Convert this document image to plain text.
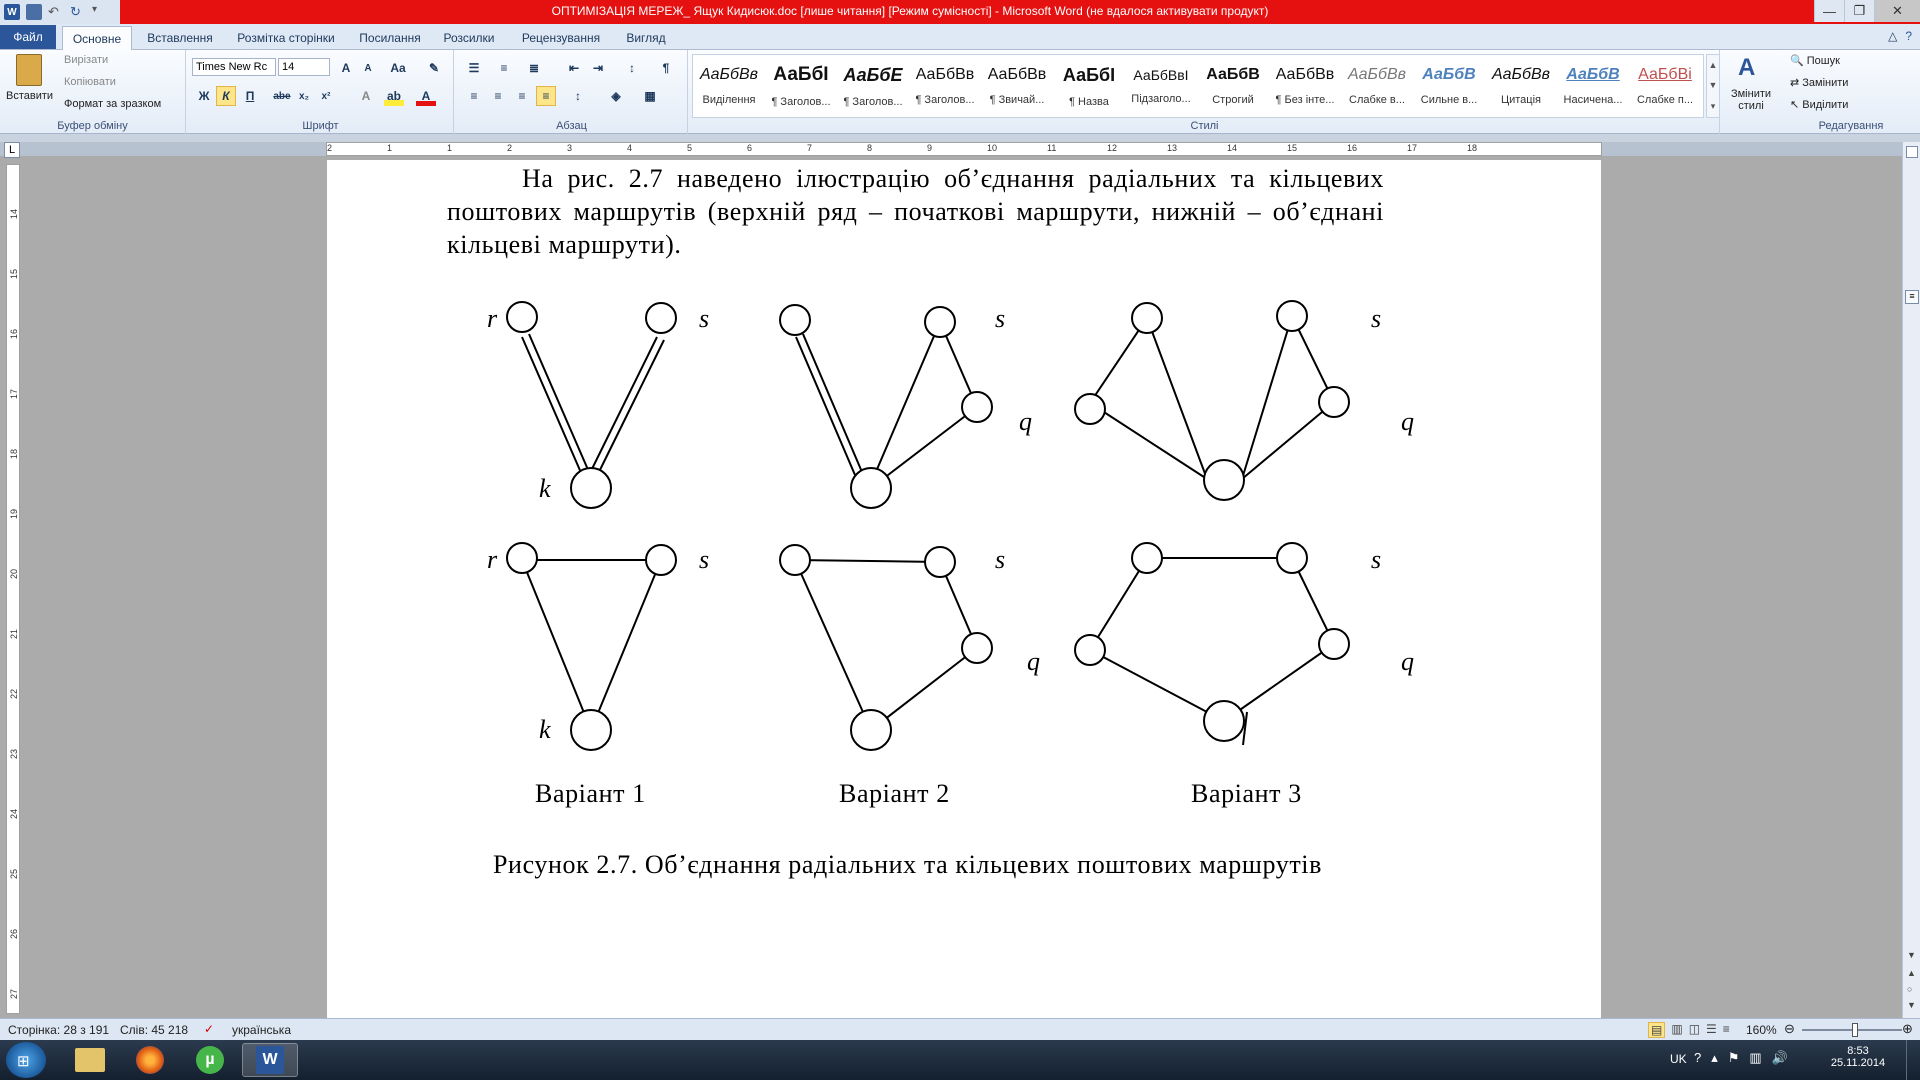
W ↶ ↻	▾	ОПТИМІЗАЦІЯ МЕРЕЖ_ Ящук Кидисюк.doc [лише читання] [Режим сумісності] - Microsoft Word (не вдалося активувати продукт)	—	❐	✕
Файл	Основне	Вставлення	Розмітка сторінки	Посилання	Розсилки	Рецензування	Вигляд	△ ?
Вставити
Вирізати
Копіювати
Формат за зразком
Буфер обміну
Times New Rc	14	A	A	Aa	✎
Ж	К	П	abe x₂	x²	A	ab	A
Шрифт
☰	≡	≣	⇤	⇥	↕	¶
≡	≡	≡	≡	↕	◈	▦
Абзац	Стилі
АаБбВв
Виділення
АаБбІ
¶ Заголов...
АаБбЕ
¶ Заголов...
АаБбВв
¶ Заголов...
АаБбВв
¶ Звичай...
АаБбІ
¶ Назва
АаБбВвІ
Підзаголо...
АаБбВ
Строгий
АаБбВв
¶ Без інте...
АаБбВв
Слабке в...
АаБбВ
Сильне в...
АаБбВв
Цитація
АаБбВ
Насичена...
АаБбВі
Слабке п...
▲
▼
▾
A
Змінити стилі
🔍 Пошук
⇄ Замінити
↖ Виділити
Редагування
L	2	1	1	2	3	4	5	6	7	8	9	10	11	12	13	14	15	16	17	18
14
15
16
17
18
19
20
21
22
23
24
25
26
27
На рис. 2.7 наведено ілюстрацію об’єднання радіальних та кільцевих
поштових маршрутів (верхній ряд – початкові маршрути, нижній – об’єднані
кільцеві маршрути).
r	s
k
s
q
s
q
r	s
k
s
q
s
q
Варіант 1	Варіант 2	Варіант 3
Рисунок 2.7. Об’єднання радіальних та кільцевих поштових маршрутів
≡
▼
▲
○
▼
Сторінка: 28 з 191 Слів: 45 218 ✓ українська	▤ ▥ ◫ ☰ ≡ 160% ⊖	⊕
⊞	µ	W	UK ? ▴ ⚑ ▥ 🔊	8:53
25.11.2014
